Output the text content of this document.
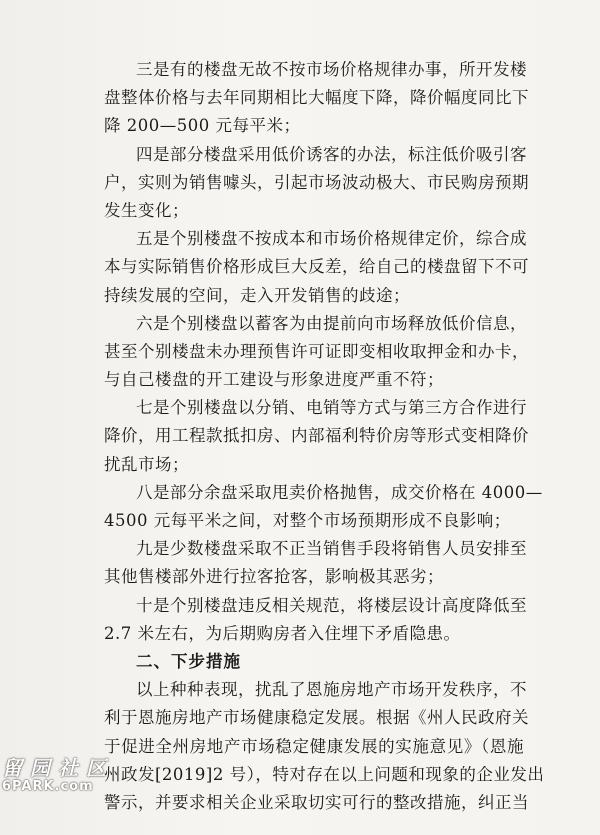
三是有的楼盘无故不按市场价格规律办事，所开发楼
盘整体价格与去年同期相比大幅度下降，降价幅度同比下
降 200—500 元每平米；
四是部分楼盘采用低价诱客的办法，标注低价吸引客
户，实则为销售噱头，引起市场波动极大、市民购房预期
发生变化；
五是个别楼盘不按成本和市场价格规律定价，综合成
本与实际销售价格形成巨大反差，给自己的楼盘留下不可
持续发展的空间，走入开发销售的歧途；
六是个别楼盘以蓄客为由提前向市场释放低价信息，
甚至个别楼盘未办理预售许可证即变相收取押金和办卡，
与自己楼盘的开工建设与形象进度严重不符；
七是个别楼盘以分销、电销等方式与第三方合作进行
降价，用工程款抵扣房、内部福利特价房等形式变相降价
扰乱市场；
八是部分余盘采取甩卖价格抛售，成交价格在 4000—
4500 元每平米之间，对整个市场预期形成不良影响；
九是少数楼盘采取不正当销售手段将销售人员安排至
其他售楼部外进行拉客抢客，影响极其恶劣；
十是个别楼盘违反相关规范，将楼层设计高度降低至
2.7 米左右，为后期购房者入住埋下矛盾隐患。
二、下步措施
以上种种表现，扰乱了恩施房地产市场开发秩序，不
利于恩施房地产市场健康稳定发展。根据《州人民政府关
于促进全州房地产市场稳定健康发展的实施意见》（恩施
州政发[2019]2 号），特对存在以上问题和现象的企业发出
警示，并要求相关企业采取切实可行的整改措施，纠正当
留园社区
6PARK.com
